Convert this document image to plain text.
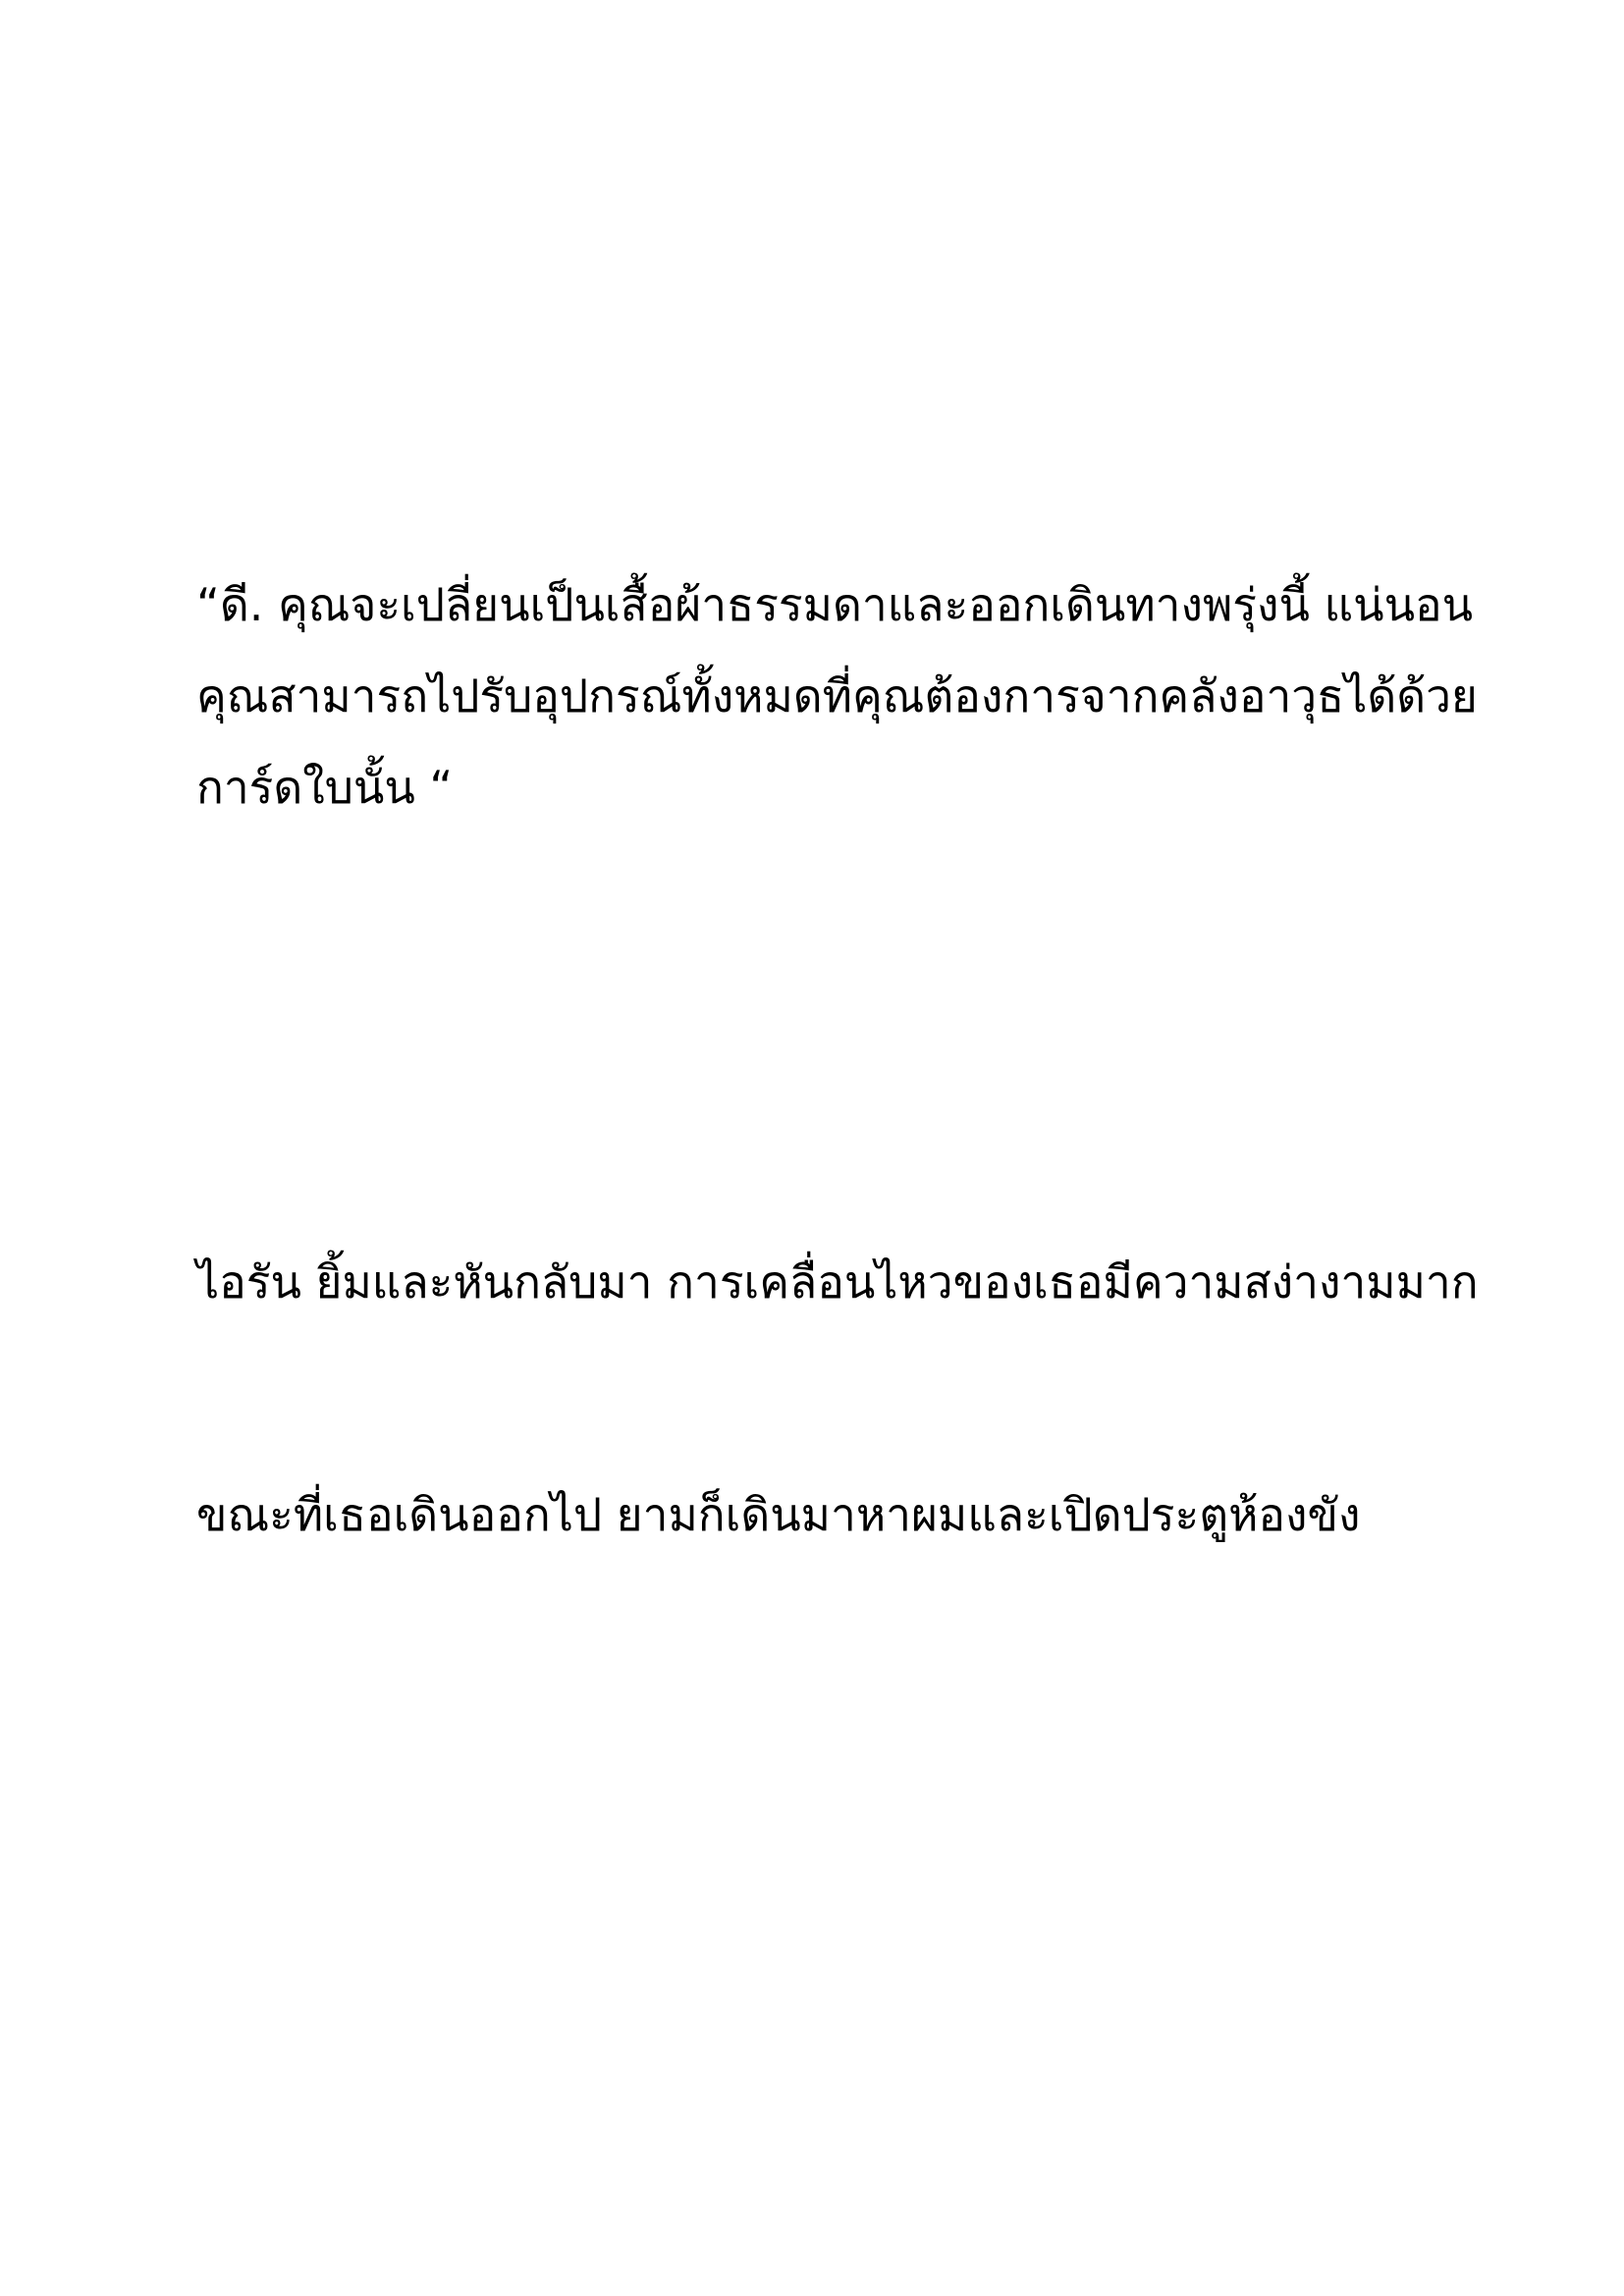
“ดี. คุณจะเปลี่ยนเป็นเสื้อผ้าธรรมดาและออกเดินทางพรุ่งนี้ แน่นอน
คุณสามารถไปรับอุปกรณ์ทั้งหมดที่คุณต้องการจากคลังอาวุธได้ด้วย
การ์ดใบนั้น “

ไอรัน ยิ้มและหันกลับมา การเคลื่อนไหวของเธอมีความสง่างามมาก

ขณะที่เธอเดินออกไป ยามก็เดินมาหาผมและเปิดประตูห้องขัง
